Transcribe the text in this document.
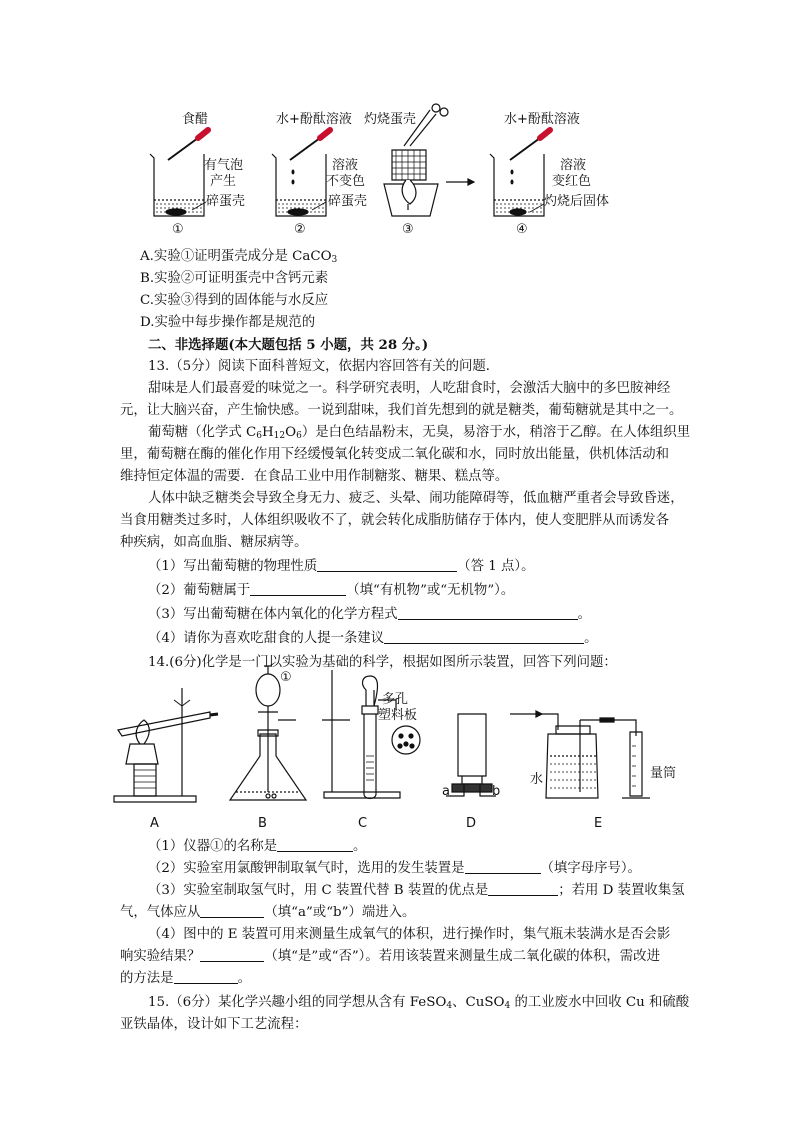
食醋	水+酚酞溶液 灼烧蛋壳	水+酚酞溶液
有气泡
产生
碎蛋壳
溶液
不变色
碎蛋壳
溶液
变红色
灼烧后固体
①	②	③	④
A.实验①证明蛋壳成分是 CaCO$_3$
B.实验②可证明蛋壳中含钙元素
C.实验③得到的固体能与水反应
D.实验中每步操作都是规范的
二、非选择题(本大题包括 5 小题，共 28 分。)
13.（5分）阅读下面科普短文，依据内容回答有关的问题．
甜味是人们最喜爱的味觉之一。科学研究表明，人吃甜食时，会激活大脑中的多巴胺神经
元，让大脑兴奋，产生愉快感。一说到甜味，我们首先想到的就是糖类，葡萄糖就是其中之一。
葡萄糖（化学式 $C_6H_{12}O_6$）是白色结晶粉末，无臭，易溶于水，稍溶于乙醇。在人体组织里
里，葡萄糖在酶的催化作用下经缓慢氧化转变成二氧化碳和水，同时放出能量，供机体活动和
维持恒定体温的需要．在食品工业中用作制糖浆、糖果、糕点等。
人体中缺乏糖类会导致全身无力、疲乏、头晕、闹功能障碍等，低血糖严重者会导致昏迷，
当食用糖类过多时，人体组织吸收不了，就会转化成脂肪储存于体内，使人变肥胖从而诱发各
种疾病，如高血脂、糖尿病等。
（1）写出葡萄糖的物理性质	（答 1 点）。
（2）葡萄糖属于	（填“有机物”或“无机物”）。
（3）写出葡萄糖在体内氧化的化学方程式	。
（4）请你为喜欢吃甜食的人提一条建议	。
14.(6分)化学是一门以实验为基础的科学，根据如图所示装置，回答下列问题：
①
多孔
塑料板
水	量筒
a	b
A	B	C	D	E
（1）仪器①的名称是	。
（2）实验室用氯酸钾制取氧气时，选用的发生装置是	（填字母序号）。
（3）实验室制取氢气时，用 C 装置代替 B 装置的优点是	；若用 D 装置收集氢
气，气体应从	（填“a”或“b”）端进入。
（4）图中的 E 装置可用来测量生成氧气的体积，进行操作时，集气瓶未装满水是否会影
响实验结果？	（填“是”或“否”）。若用该装置来测量生成二氧化碳的体积，需改进
的方法是	。
15.（6分）某化学兴趣小组的同学想从含有 FeSO$_4$、CuSO$_4$ 的工业废水中回收 Cu 和硫酸
亚铁晶体，设计如下工艺流程：
